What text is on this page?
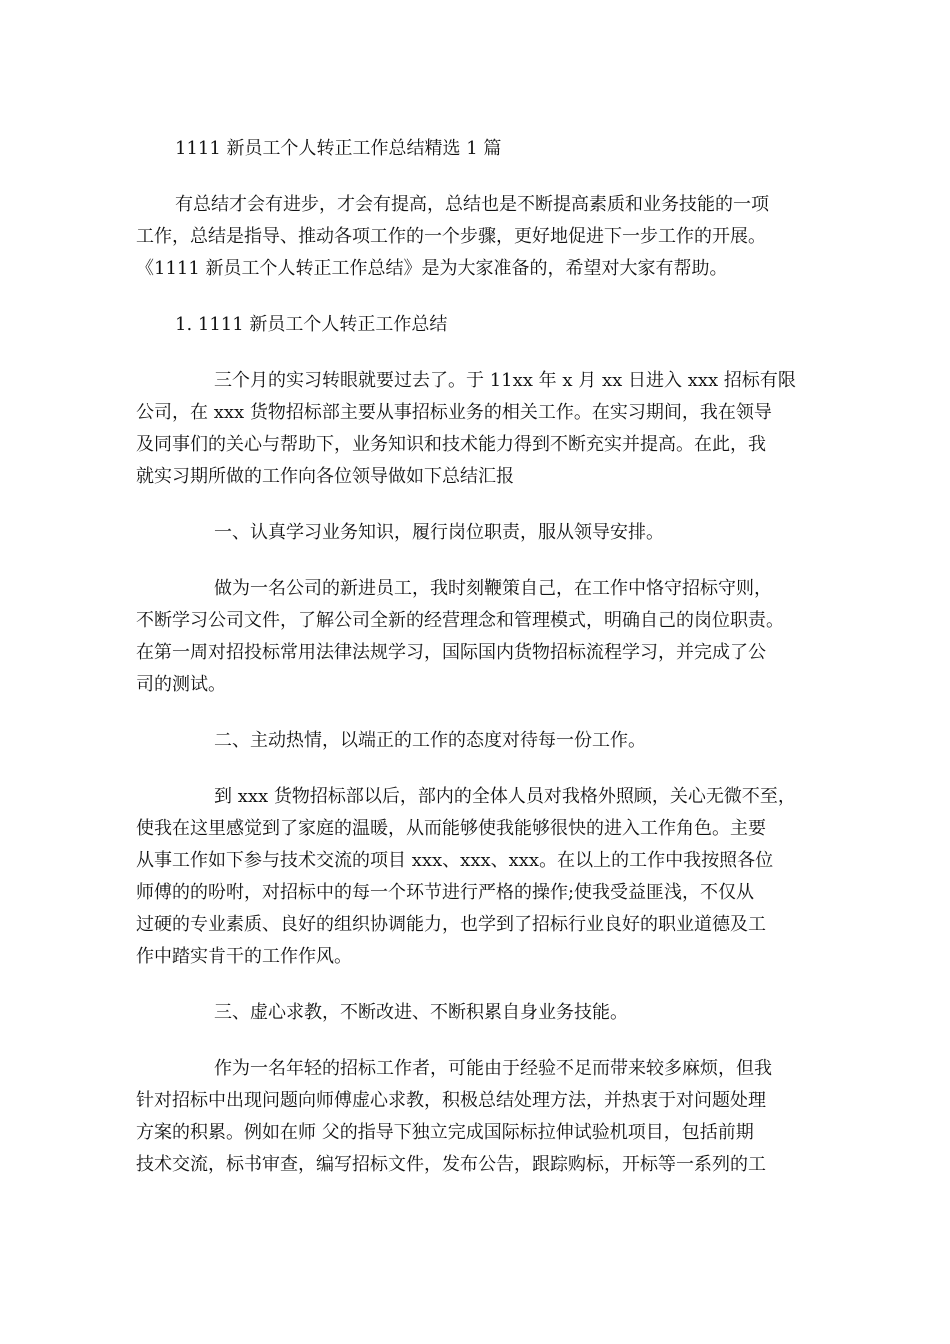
1111 新员工个人转正工作总结精选 1 篇
有总结才会有进步，才会有提高，总结也是不断提高素质和业务技能的一项
工作，总结是指导、推动各项工作的一个步骤，更好地促进下一步工作的开展。
《1111 新员工个人转正工作总结》是为大家准备的，希望对大家有帮助。
1. 1111 新员工个人转正工作总结
三个月的实习转眼就要过去了。于 11xx 年 x 月 xx 日进入 xxx 招标有限
公司，在 xxx 货物招标部主要从事招标业务的相关工作。在实习期间，我在领导
及同事们的关心与帮助下，业务知识和技术能力得到不断充实并提高。在此，我
就实习期所做的工作向各位领导做如下总结汇报
一、认真学习业务知识，履行岗位职责，服从领导安排。
做为一名公司的新进员工，我时刻鞭策自己，在工作中恪守招标守则，
不断学习公司文件，了解公司全新的经营理念和管理模式，明确自己的岗位职责。
在第一周对招投标常用法律法规学习，国际国内货物招标流程学习，并完成了公
司的测试。
二、主动热情，以端正的工作的态度对待每一份工作。
到 xxx 货物招标部以后，部内的全体人员对我格外照顾，关心无微不至，
使我在这里感觉到了家庭的温暖，从而能够使我能够很快的进入工作角色。主要
从事工作如下参与技术交流的项目 xxx、xxx、xxx。在以上的工作中我按照各位
师傅的的吩咐，对招标中的每一个环节进行严格的操作;使我受益匪浅，不仅从
过硬的专业素质、良好的组织协调能力，也学到了招标行业良好的职业道德及工
作中踏实肯干的工作作风。
三、虚心求教，不断改进、不断积累自身业务技能。
作为一名年轻的招标工作者，可能由于经验不足而带来较多麻烦，但我
针对招标中出现问题向师傅虚心求教，积极总结处理方法，并热衷于对问题处理
方案的积累。例如在师 父的指导下独立完成国际标拉伸试验机项目，包括前期
技术交流，标书审查，编写招标文件，发布公告，跟踪购标，开标等一系列的工
